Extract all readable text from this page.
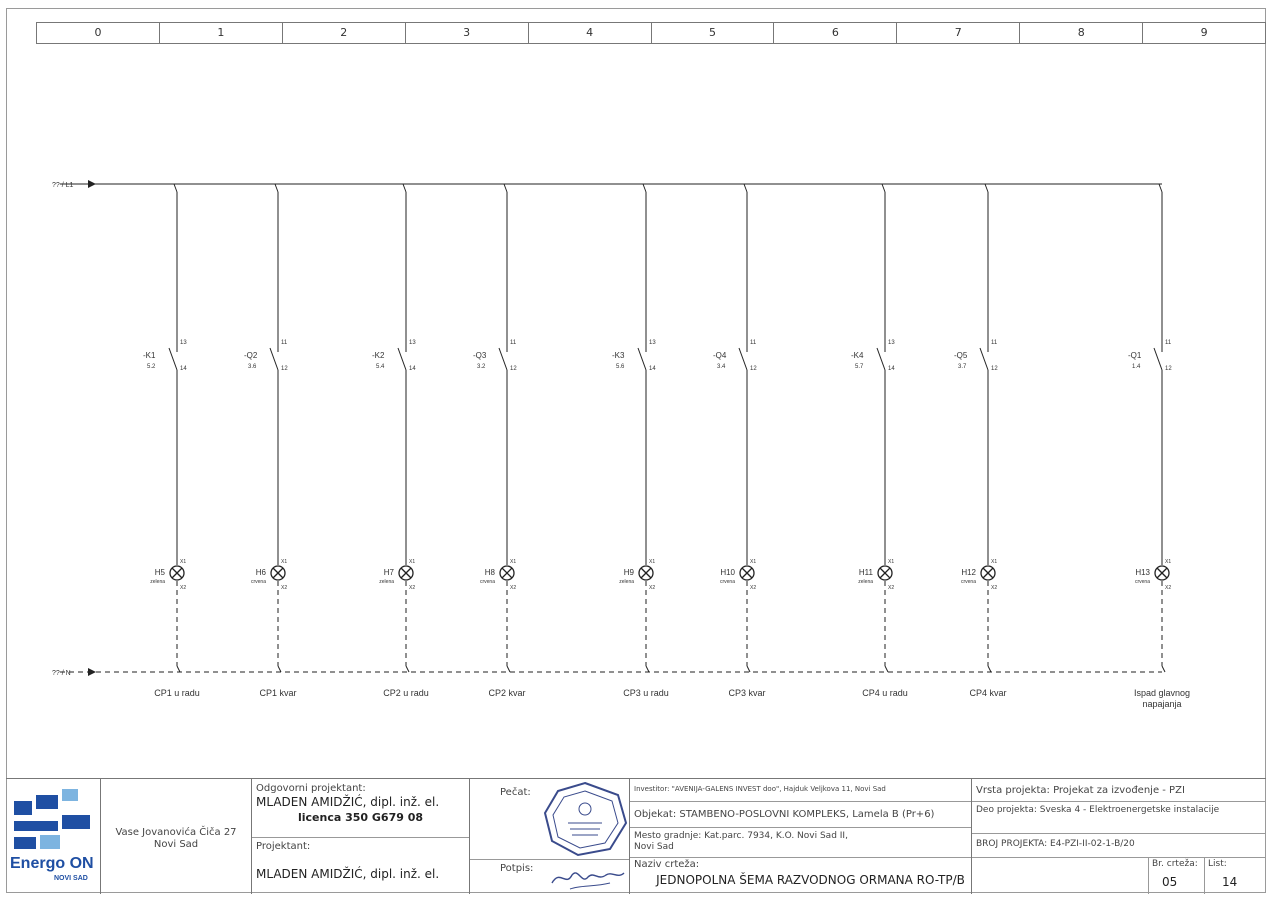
0	1	2	3	4	5	6	7	8	9
?? / L1
?? / N
-K1
5.2
13
14
H5
zelena
X1
X2
CP1 u radu
-Q2
3.6
11
12
H6
crvena
X1
X2
CP1 kvar
-K2
5.4
13
14
H7
zelena
X1
X2
CP2 u radu
-Q3
3.2
11
12
H8
crvena
X1
X2
CP2 kvar
-K3
5.6
13
14
H9
zelena
X1
X2
CP3 u radu
-Q4
3.4
11
12
H10
crvena
X1
X2
CP3 kvar
-K4
5.7
13
14
H11
zelena
X1
X2
CP4 u radu
-Q5
3.7
11
12
H12
crvena
X1
X2
CP4 kvar
-Q1
1.4
11
12
H13
crvena
X1
X2
Ispad glavnog
napajanja
Energo ON
NOVI SAD
Vase Jovanovića Čiča 27
Novi Sad
Odgovorni projektant:
MLADEN AMIDŽIĆ, dipl. inž. el.
licenca 350 G679 08
Projektant:
MLADEN AMIDŽIĆ, dipl. inž. el.
Pečat:
Potpis:
Investitor: "AVENIJA-GALENS INVEST doo", Hajduk Veljkova 11, Novi Sad
Objekat: STAMBENO-POSLOVNI KOMPLEKS, Lamela B (Pr+6)
Mesto gradnje: Kat.parc. 7934, K.O. Novi Sad II, Novi Sad
Naziv crteža:
JEDNOPOLNA ŠEMA RAZVODNOG ORMANA RO-TP/B
Vrsta projekta: Projekat za izvođenje - PZI
Deo projekta: Sveska 4 - Elektroenergetske instalacije
BROJ PROJEKTA: E4-PZI-II-02-1-B/20
Br. crteža:
05
List:
14
